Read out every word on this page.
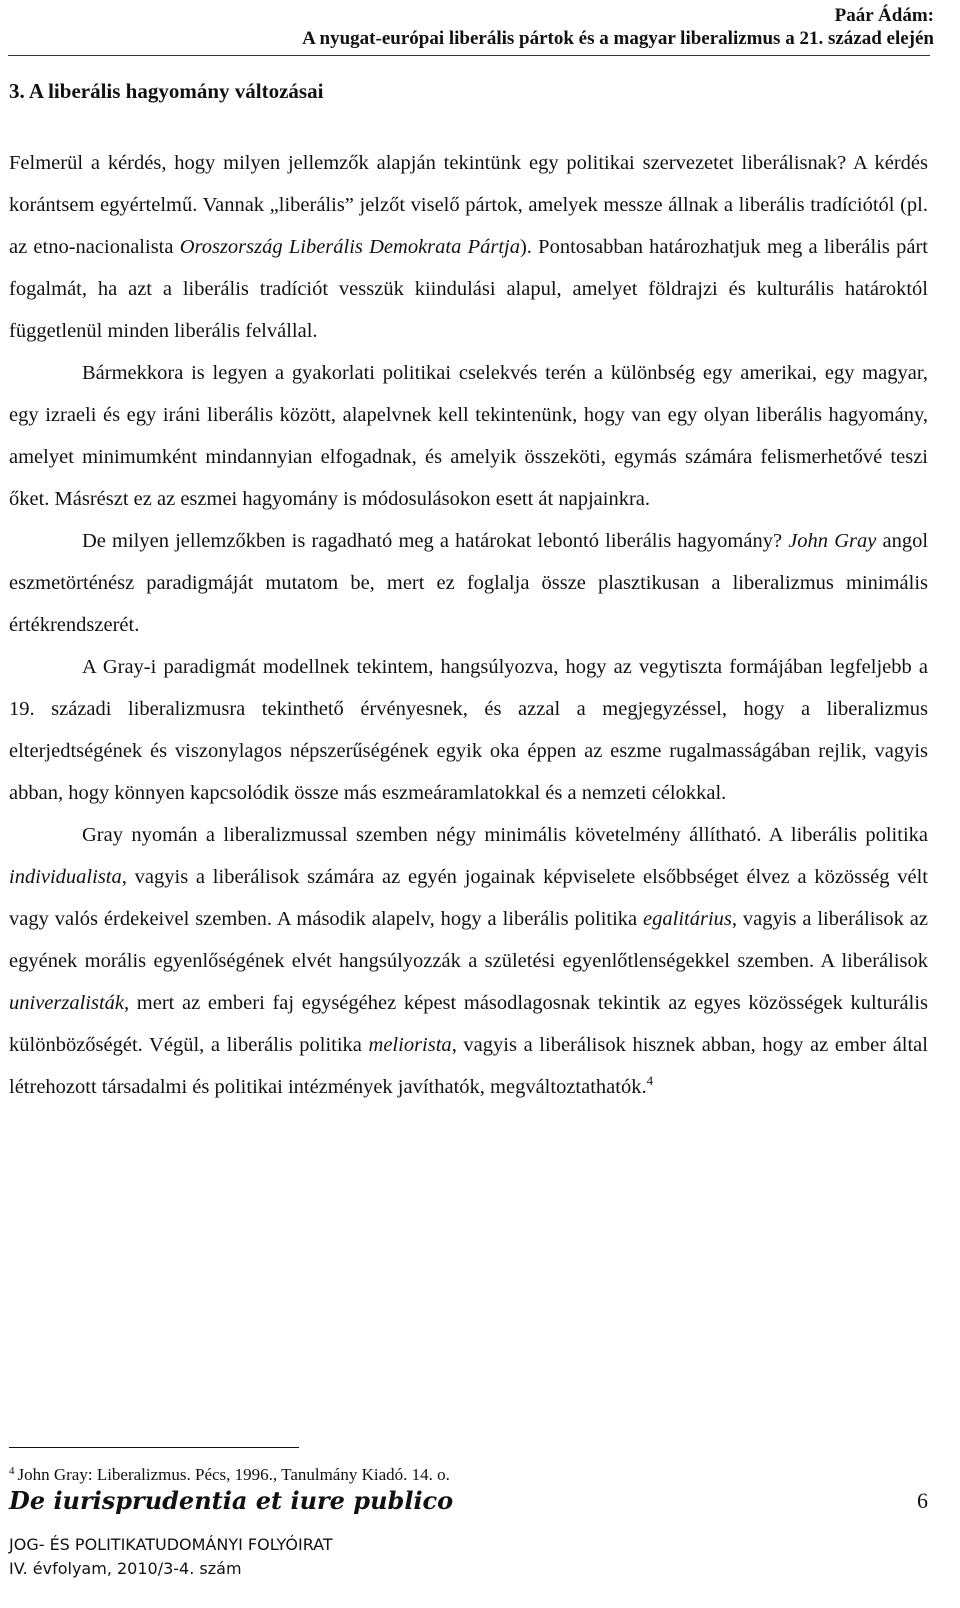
Paár Ádám:
A nyugat-európai liberális pártok és a magyar liberalizmus a 21. század elején
3. A liberális hagyomány változásai

Felmerül a kérdés, hogy milyen jellemzők alapján tekintünk egy politikai szervezetet liberálisnak? A kérdés korántsem egyértelmű. Vannak „liberális” jelzőt viselő pártok, amelyek messze állnak a liberális tradíciótól (pl. az etno-nacionalista Oroszország Liberális Demokrata Pártja). Pontosabban határozhatjuk meg a liberális párt fogalmát, ha azt a liberális tradíciót vesszük kiindulási alapul, amelyet földrajzi és kulturális határoktól függetlenül minden liberális felvállal.

Bármekkora is legyen a gyakorlati politikai cselekvés terén a különbség egy amerikai, egy magyar, egy izraeli és egy iráni liberális között, alapelvnek kell tekintenünk, hogy van egy olyan liberális hagyomány, amelyet minimumként mindannyian elfogadnak, és amelyik összeköti, egymás számára felismerhetővé teszi őket. Másrészt ez az eszmei hagyomány is módosulásokon esett át napjainkra.

De milyen jellemzőkben is ragadható meg a határokat lebontó liberális hagyomány? John Gray angol eszmetörténész paradigmáját mutatom be, mert ez foglalja össze plasztikusan a liberalizmus minimális értékrendszerét.

A Gray-i paradigmát modellnek tekintem, hangsúlyozva, hogy az vegytiszta formájában legfeljebb a 19. századi liberalizmusra tekinthető érvényesnek, és azzal a megjegyzéssel, hogy a liberalizmus elterjedtségének és viszonylagos népszerűségének egyik oka éppen az eszme rugalmasságában rejlik, vagyis abban, hogy könnyen kapcsolódik össze más eszmeáramlatokkal és a nemzeti célokkal.

Gray nyomán a liberalizmussal szemben négy minimális követelmény állítható. A liberális politika individualista, vagyis a liberálisok számára az egyén jogainak képviselete elsőbbséget élvez a közösség vélt vagy valós érdekeivel szemben. A második alapelv, hogy a liberális politika egalitárius, vagyis a liberálisok az egyének morális egyenlőségének elvét hangsúlyozzák a születési egyenlőtlenségekkel szemben. A liberálisok univerzalisták, mert az emberi faj egységéhez képest másodlagosnak tekintik az egyes közösségek kulturális különbözőségét. Végül, a liberális politika meliorista, vagyis a liberálisok hisznek abban, hogy az ember által létrehozott társadalmi és politikai intézmények javíthatók, megváltoztathatók.$^4$

$^4$ John Gray: Liberalizmus. Pécs, 1996., Tanulmány Kiadó. 14. o.
De iurisprudentia et iure publico	6
JOG- ÉS POLITIKATUDOMÁNYI FOLYÓIRAT
IV. évfolyam, 2010/3-4. szám
